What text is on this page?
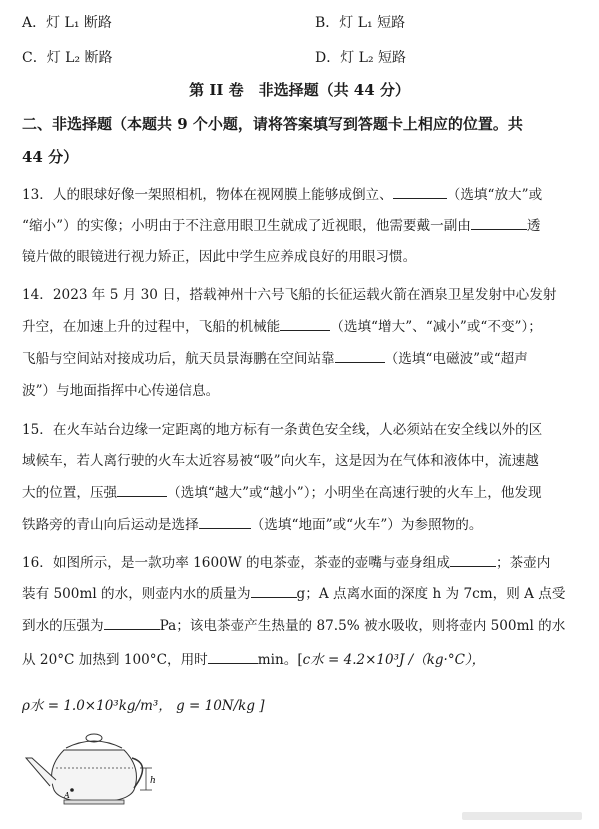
A．灯 L₁ 断路	B．灯 L₁ 短路
C．灯 L₂ 断路	D．灯 L₂ 短路
第 II 卷　非选择题（共 44 分）
二、非选择题（本题共 9 个小题，请将答案填写到答题卡上相应的位置。共
44 分）
13．人的眼球好像一架照相机，物体在视网膜上能够成倒立、	（选填“放大”或
“缩小”）的实像；小明由于不注意用眼卫生就成了近视眼，他需要戴一副由	透
镜片做的眼镜进行视力矫正，因此中学生应养成良好的用眼习惯。
14．2023 年 5 月 30 日，搭载神州十六号飞船的长征运载火箭在酒泉卫星发射中心发射
升空，在加速上升的过程中，飞船的机械能	（选填“增大”、“减小”或“不变”）；
飞船与空间站对接成功后，航天员景海鹏在空间站靠	（选填“电磁波”或“超声
波”）与地面指挥中心传递信息。
15．在火车站台边缘一定距离的地方标有一条黄色安全线，人必须站在安全线以外的区
域候车，若人离行驶的火车太近容易被“吸”向火车，这是因为在气体和液体中，流速越
大的位置，压强	（选填“越大”或“越小”）；小明坐在高速行驶的火车上，他发现
铁路旁的青山向后运动是选择	（选填“地面”或“火车”）为参照物的。
16．如图所示，是一款功率 1600W 的电茶壶，茶壶的壶嘴与壶身组成	；茶壶内
装有 500ml 的水，则壶内水的质量为	g；A 点离水面的深度 h 为 7cm，则 A 点受
到水的压强为	Pa；该电茶壶产生热量的 87.5% 被水吸收，则将壶内 500ml 的水
从 20°C 加热到 100°C，用时	min。[c水 = 4.2×10³J /（kg·°C），
ρ水 = 1.0×10³kg/m³， g = 10N/kg ]
h
A
